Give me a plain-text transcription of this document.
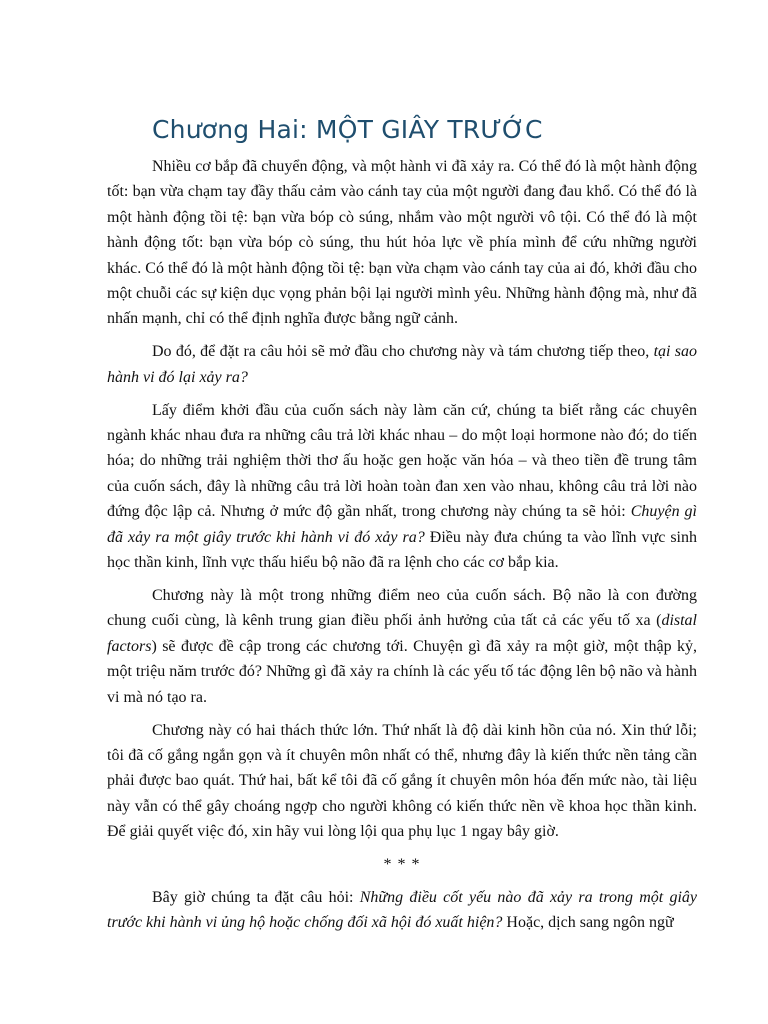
Chương Hai: MỘT GIÂY TRƯỚC

Nhiều cơ bắp đã chuyển động, và một hành vi đã xảy ra. Có thể đó là một hành động tốt: bạn vừa chạm tay đầy thấu cảm vào cánh tay của một người đang đau khổ. Có thể đó là một hành động tồi tệ: bạn vừa bóp cò súng, nhắm vào một người vô tội. Có thể đó là một hành động tốt: bạn vừa bóp cò súng, thu hút hỏa lực về phía mình để cứu những người khác. Có thể đó là một hành động tồi tệ: bạn vừa chạm vào cánh tay của ai đó, khởi đầu cho một chuỗi các sự kiện dục vọng phản bội lại người mình yêu. Những hành động mà, như đã nhấn mạnh, chỉ có thể định nghĩa được bằng ngữ cảnh.

Do đó, để đặt ra câu hỏi sẽ mở đầu cho chương này và tám chương tiếp theo, tại sao hành vi đó lại xảy ra?

Lấy điểm khởi đầu của cuốn sách này làm căn cứ, chúng ta biết rằng các chuyên ngành khác nhau đưa ra những câu trả lời khác nhau – do một loại hormone nào đó; do tiến hóa; do những trải nghiệm thời thơ ấu hoặc gen hoặc văn hóa – và theo tiền đề trung tâm của cuốn sách, đây là những câu trả lời hoàn toàn đan xen vào nhau, không câu trả lời nào đứng độc lập cả. Nhưng ở mức độ gần nhất, trong chương này chúng ta sẽ hỏi: Chuyện gì đã xảy ra một giây trước khi hành vi đó xảy ra? Điều này đưa chúng ta vào lĩnh vực sinh học thần kinh, lĩnh vực thấu hiểu bộ não đã ra lệnh cho các cơ bắp kia.

Chương này là một trong những điểm neo của cuốn sách. Bộ não là con đường chung cuối cùng, là kênh trung gian điều phối ảnh hưởng của tất cả các yếu tố xa (distal factors) sẽ được đề cập trong các chương tới. Chuyện gì đã xảy ra một giờ, một thập kỷ, một triệu năm trước đó? Những gì đã xảy ra chính là các yếu tố tác động lên bộ não và hành vi mà nó tạo ra.

Chương này có hai thách thức lớn. Thứ nhất là độ dài kinh hồn của nó. Xin thứ lỗi; tôi đã cố gắng ngắn gọn và ít chuyên môn nhất có thể, nhưng đây là kiến thức nền tảng cần phải được bao quát. Thứ hai, bất kể tôi đã cố gắng ít chuyên môn hóa đến mức nào, tài liệu này vẫn có thể gây choáng ngợp cho người không có kiến thức nền về khoa học thần kinh. Để giải quyết việc đó, xin hãy vui lòng lội qua phụ lục 1 ngay bây giờ.

* * *

Bây giờ chúng ta đặt câu hỏi: Những điều cốt yếu nào đã xảy ra trong một giây trước khi hành vi ủng hộ hoặc chống đối xã hội đó xuất hiện? Hoặc, dịch sang ngôn ngữ
